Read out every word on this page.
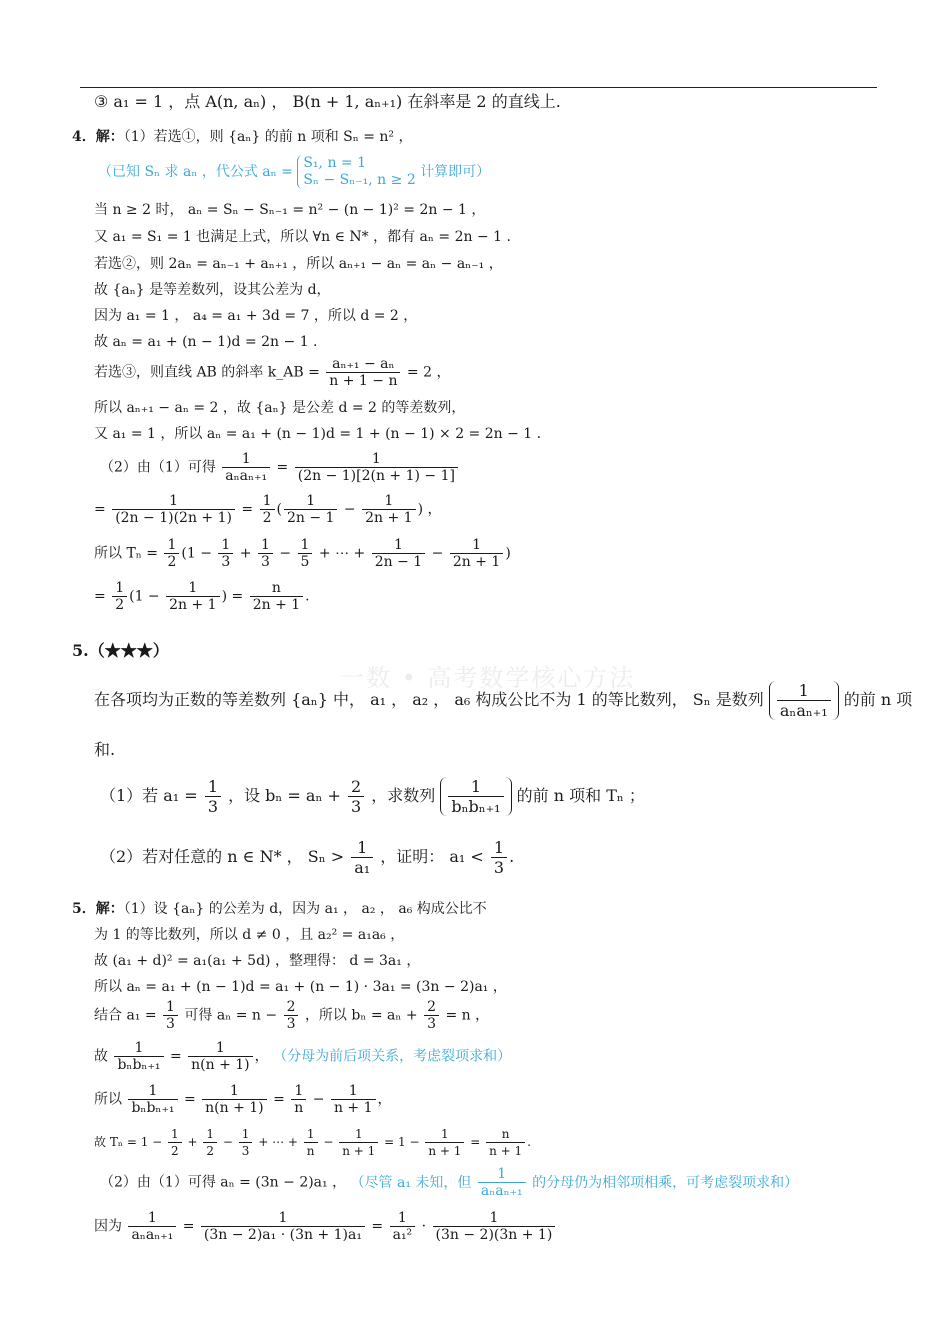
③ a₁ = 1 ，点 A(n, aₙ) ， B(n + 1, aₙ₊₁) 在斜率是 2 的直线上.
4．解：（1）若选①，则 {aₙ} 的前 n 项和 Sₙ = n² ，
（已知 Sₙ 求 aₙ ，代公式 aₙ =
S₁, n = 1
Sₙ − Sₙ₋₁, n ≥ 2 计算即可）
当 n ≥ 2 时， aₙ = Sₙ − Sₙ₋₁ = n² − (n − 1)² = 2n − 1 ，
又 a₁ = S₁ = 1 也满足上式，所以 ∀n ∈ N* ，都有 aₙ = 2n − 1 .
若选②，则 2aₙ = aₙ₋₁ + aₙ₊₁ ，所以 aₙ₊₁ − aₙ = aₙ − aₙ₋₁ ，
故 {aₙ} 是等差数列，设其公差为 d，
因为 a₁ = 1 ， a₄ = a₁ + 3d = 7 ，所以 d = 2 ，
故 aₙ = a₁ + (n − 1)d = 2n − 1 .
若选③，则直线 AB 的斜率 k_AB = $\frac{\text{aₙ₊₁ − aₙ}}{n + 1 - n} = 2$ ，
所以 aₙ₊₁ − aₙ = 2 ，故 {aₙ} 是公差 d = 2 的等差数列，
又 a₁ = 1 ，所以 aₙ = a₁ + (n − 1)d = 1 + (n − 1) × 2 = 2n − 1 .
（2）由（1）可得 $\frac{1}{\text{aₙaₙ₊₁}} = \frac{1}{(2n - 1)[2(n + 1) - 1]}$
= $\frac{1}{(2n - 1)(2n + 1)} = \frac{1}{2}$ ( $\frac{1}{2n - 1} - \frac{1}{2n + 1}$ ) ，
所以 $T_n = \frac{1}{2} (1 - \frac{1}{3} + \frac{1}{3} - \frac{1}{5}$ + ⋯ + $\frac{1}{2n - 1} - \frac{1}{2n + 1}$ )
= $\frac{1}{2} (1 - \frac{1}{2n + 1}$ ) = $\frac{n}{2n + 1}$ .
一数 • 高考数学核心方法
5.（★★★）
在各项均为正数的等差数列 {aₙ} 中， a₁ ， a₂ ， a₆ 构成公比不为 1 的等比数列， Sₙ 是数列 $\frac{1}{\text{aₙaₙ₊₁}}$ 的前 n 项
和.
（1）若 $a_1 = \frac{1}{3}$ ，设 $b_n = a_n + \frac{2}{3}$ ，求数列 $\frac{1}{\text{bₙbₙ₊₁}}$ 的前 n 项和 Tₙ ；
（2）若对任意的 n ∈ N* ， $S_n > \frac{1}{\text{a₁}}$ ，证明： $a_1 < \frac{1}{3}$ .
5．解：（1）设 {aₙ} 的公差为 d，因为 a₁ ， a₂ ， a₆ 构成公比不
为 1 的等比数列，所以 d ≠ 0 ，且 a₂² = a₁a₆ ，
故 (a₁ + d)² = a₁(a₁ + 5d) ，整理得： d = 3a₁ ，
所以 aₙ = a₁ + (n − 1)d = a₁ + (n − 1) · 3a₁ = (3n − 2)a₁ ，
结合 $a_1 = \frac{1}{3}$ 可得 $a_n = n - \frac{2}{3}$ ，所以 $b_n = a_n + \frac{2}{3} = n$ ，
故 $\frac{1}{\text{bₙbₙ₊₁}} = \frac{1}{n(n + 1)}$ ， （分母为前后项关系，考虑裂项求和）
所以 $\frac{1}{\text{bₙbₙ₊₁}} = \frac{1}{n(n + 1)} = \frac{1}{n} - \frac{1}{n + 1}$ ，
故 $T_n = 1 - \frac{1}{2} + \frac{1}{2} - \frac{1}{3}$ + ⋯ + $\frac{1}{n} - \frac{1}{n + 1} = 1 - \frac{1}{n + 1} = \frac{n}{n + 1}$ .
（2）由（1）可得 aₙ = (3n − 2)a₁ ， （尽管 a₁ 未知，但 $\frac{1}{\text{aₙaₙ₊₁}}$ 的分母仍为相邻项相乘，可考虑裂项求和）
因为 $\frac{1}{\text{aₙaₙ₊₁}} = \frac{1}{\text{(3n − 2)a₁ · (3n + 1)a₁}} = \frac{1}{\text{a₁²}} \cdot \frac{1}{(3n - 2)(3n + 1)}$
